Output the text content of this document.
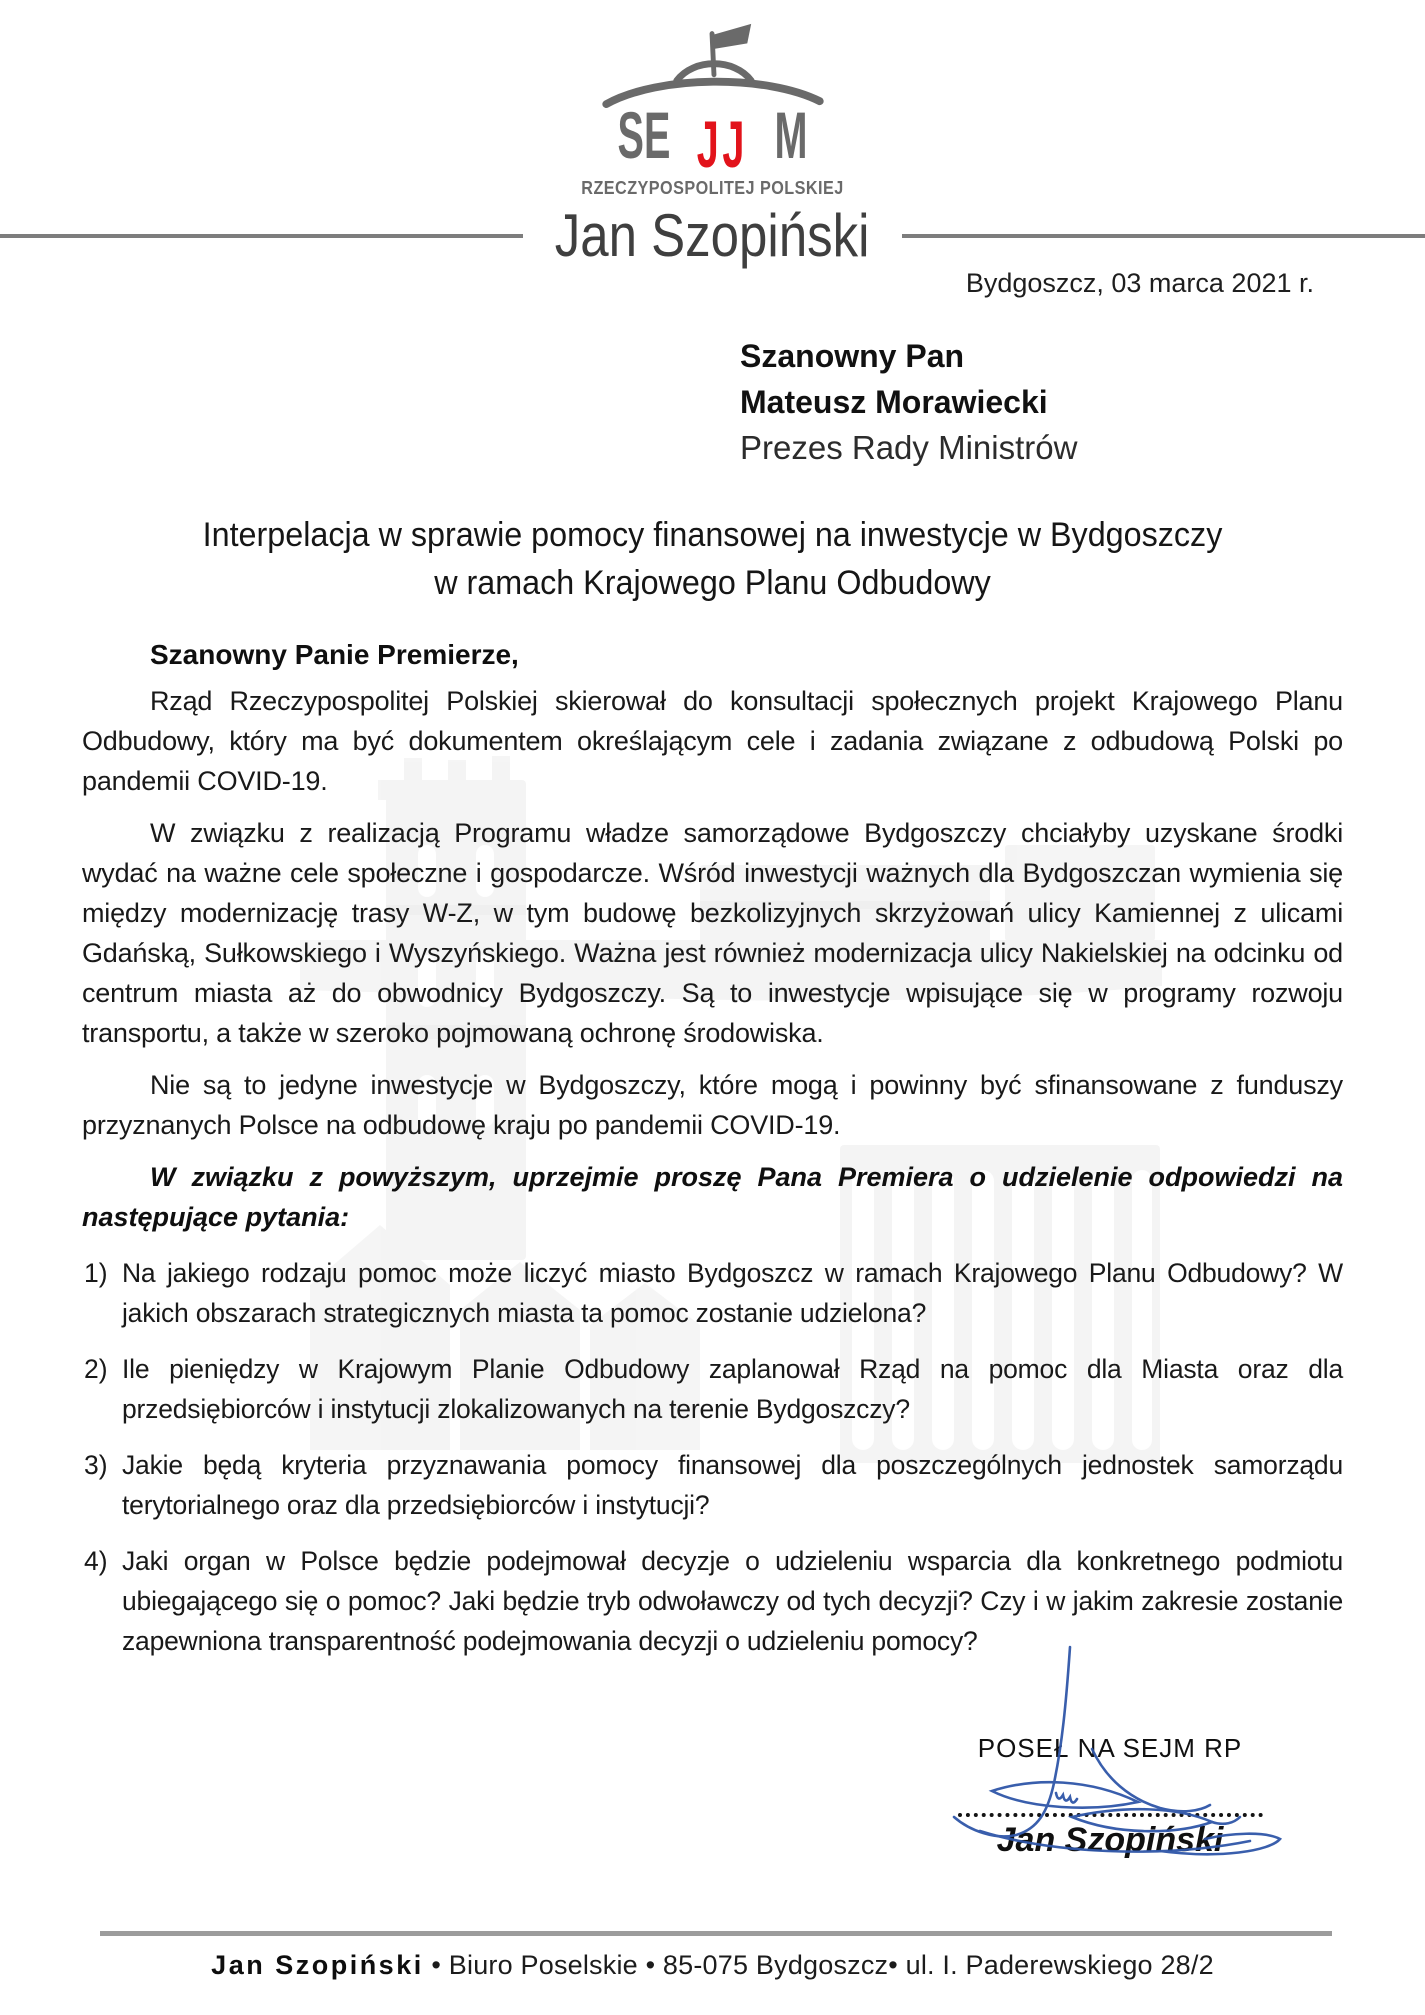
SE JJ M
RZECZYPOSPOLITEJ POLSKIEJ
Jan Szopiński
Bydgoszcz, 03 marca 2021 r.
Szanowny Pan
Mateusz Morawiecki
Prezes Rady Ministrów
Interpelacja w sprawie pomocy finansowej na inwestycje w Bydgoszczy
w ramach Krajowego Planu Odbudowy
Szanowny Panie Premierze,

Rząd Rzeczypospolitej Polskiej skierował do konsultacji społecznych projekt Krajowego Planu Odbudowy, który ma być dokumentem określającym cele i zadania związane z odbudową Polski po pandemii COVID-19.

W związku z realizacją Programu władze samorządowe Bydgoszczy chciałyby uzyskane środki wydać na ważne cele społeczne i gospodarcze. Wśród inwestycji ważnych dla Bydgoszczan wymienia się między modernizację trasy W-Z, w tym budowę bezkolizyjnych skrzyżowań ulicy Kamiennej z ulicami Gdańską, Sułkowskiego i Wyszyńskiego. Ważna jest również modernizacja ulicy Nakielskiej na odcinku od centrum miasta aż do obwodnicy Bydgoszczy. Są to inwestycje wpisujące się w programy rozwoju transportu, a także w szeroko pojmowaną ochronę środowiska.

Nie są to jedyne inwestycje w Bydgoszczy, które mogą i powinny być sfinansowane z funduszy przyznanych Polsce na odbudowę kraju po pandemii COVID-19.

W związku z powyższym, uprzejmie proszę Pana Premiera o udzielenie odpowiedzi na następujące pytania:

1) Na jakiego rodzaju pomoc może liczyć miasto Bydgoszcz w ramach Krajowego Planu Odbudowy? W jakich obszarach strategicznych miasta ta pomoc zostanie udzielona?
2) Ile pieniędzy w Krajowym Planie Odbudowy zaplanował Rząd na pomoc dla Miasta oraz dla przedsiębiorców i instytucji zlokalizowanych na terenie Bydgoszczy?
3) Jakie będą kryteria przyznawania pomocy finansowej dla poszczególnych jednostek samorządu terytorialnego oraz dla przedsiębiorców i instytucji?
4) Jaki organ w Polsce będzie podejmował decyzje o udzieleniu wsparcia dla konkretnego podmiotu ubiegającego się o pomoc? Jaki będzie tryb odwoławczy od tych decyzji? Czy i w jakim zakresie zostanie zapewniona transparentność podejmowania decyzji o udzieleniu pomocy?
POSEŁ NA SEJM RP
Jan Szopiński
Jan Szopiński • Biuro Poselskie • 85-075 Bydgoszcz• ul. I. Paderewskiego 28/2
